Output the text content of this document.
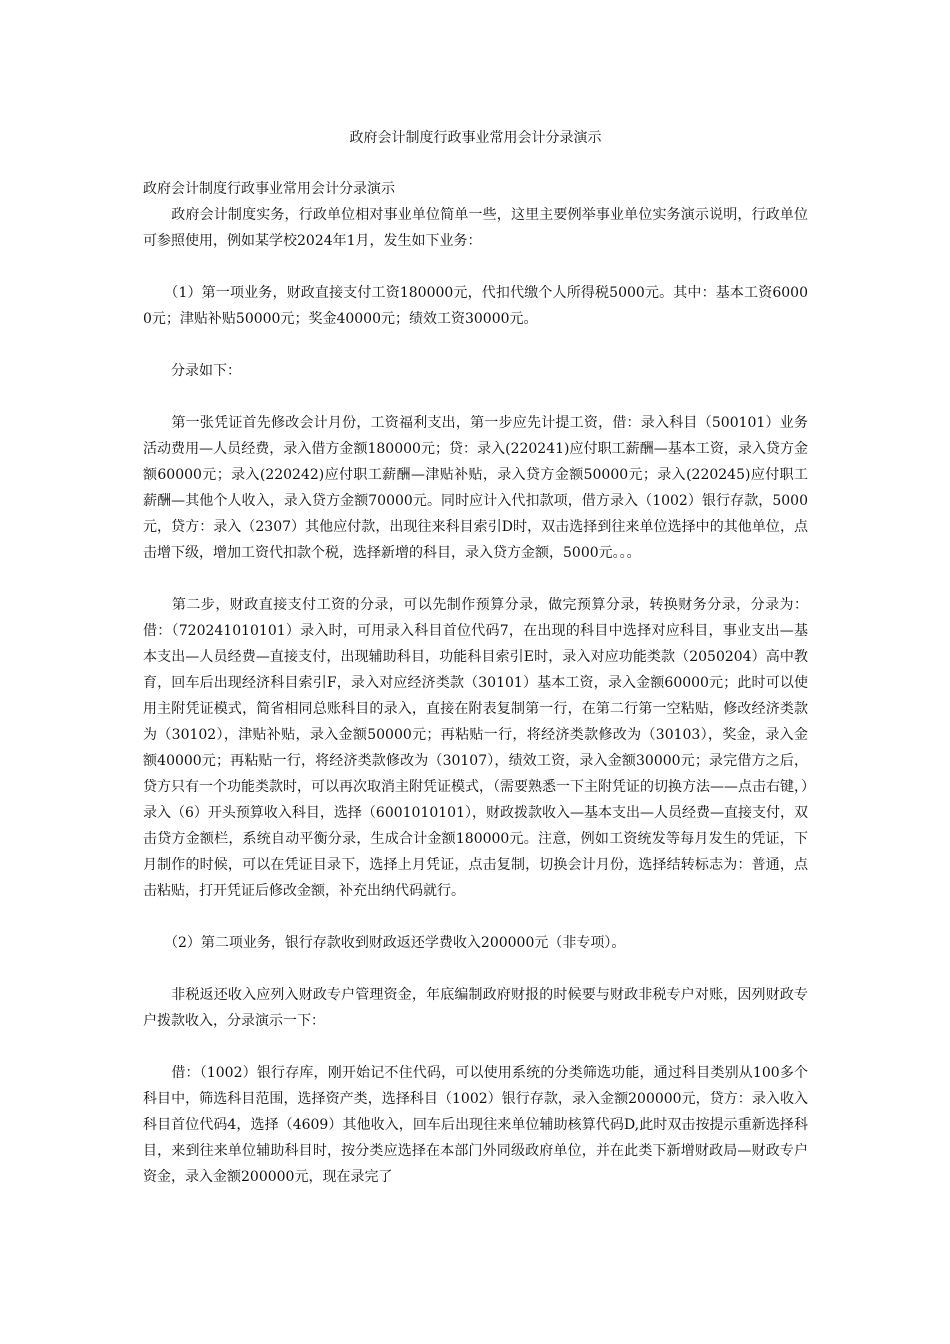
政府会计制度行政事业常用会计分录演示

政府会计制度行政事业常用会计分录演示

　　政府会计制度实务，行政单位相对事业单位简单一些，这里主要例举事业单位实务演示说明，行政单位可参照使用，例如某学校2024年1月，发生如下业务：

　　（1）第一项业务，财政直接支付工资180000元，代扣代缴个人所得税5000元。其中：基本工资60000元；津贴补贴50000元；奖金40000元；绩效工资30000元。

　　分录如下：

　　第一张凭证首先修改会计月份，工资福利支出，第一步应先计提工资，借：录入科目（500101）业务活动费用—人员经费，录入借方金额180000元；贷：录入(220241)应付职工薪酬—基本工资，录入贷方金额60000元；录入(220242)应付职工薪酬—津贴补贴，录入贷方金额50000元；录入(220245)应付职工薪酬—其他个人收入，录入贷方金额70000元。同时应计入代扣款项，借方录入（1002）银行存款，5000元，贷方：录入（2307）其他应付款，出现往来科目索引D时，双击选择到往来单位选择中的其他单位，点击增下级，增加工资代扣款个税，选择新增的科目，录入贷方金额，5000元。。。

　　第二步，财政直接支付工资的分录，可以先制作预算分录，做完预算分录，转换财务分录，分录为：借：（720241010101）录入时，可用录入科目首位代码7，在出现的科目中选择对应科目，事业支出—基本支出—人员经费—直接支付，出现辅助科目，功能科目索引E时，录入对应功能类款（2050204）高中教育，回车后出现经济科目索引F，录入对应经济类款（30101）基本工资，录入金额60000元；此时可以使用主附凭证模式，简省相同总账科目的录入，直接在附表复制第一行，在第二行第一空粘贴，修改经济类款为（30102），津贴补贴，录入金额50000元；再粘贴一行，将经济类款修改为（30103），奖金，录入金额40000元；再粘贴一行，将经济类款修改为（30107），绩效工资，录入金额30000元；录完借方之后，贷方只有一个功能类款时，可以再次取消主附凭证模式，（需要熟悉一下主附凭证的切换方法——点击右键，）录入（6）开头预算收入科目，选择（6001010101），财政拨款收入—基本支出—人员经费—直接支付，双击贷方金额栏，系统自动平衡分录，生成合计金额180000元。注意，例如工资统发等每月发生的凭证，下月制作的时候，可以在凭证目录下，选择上月凭证，点击复制，切换会计月份，选择结转标志为：普通，点击粘贴，打开凭证后修改金额，补充出纳代码就行。

　　（2）第二项业务，银行存款收到财政返还学费收入200000元（非专项）。

　　非税返还收入应列入财政专户管理资金，年底编制政府财报的时候要与财政非税专户对账，因列财政专户拨款收入，分录演示一下：

　　借：（1002）银行存库，刚开始记不住代码，可以使用系统的分类筛选功能，通过科目类别从100多个科目中，筛选科目范围，选择资产类，选择科目（1002）银行存款，录入金额200000元，贷方：录入收入科目首位代码4，选择（4609）其他收入，回车后出现往来单位辅助核算代码D,此时双击按提示重新选择科目，来到往来单位辅助科目时，按分类应选择在本部门外同级政府单位，并在此类下新增财政局—财政专户资金，录入金额200000元，现在录完了
